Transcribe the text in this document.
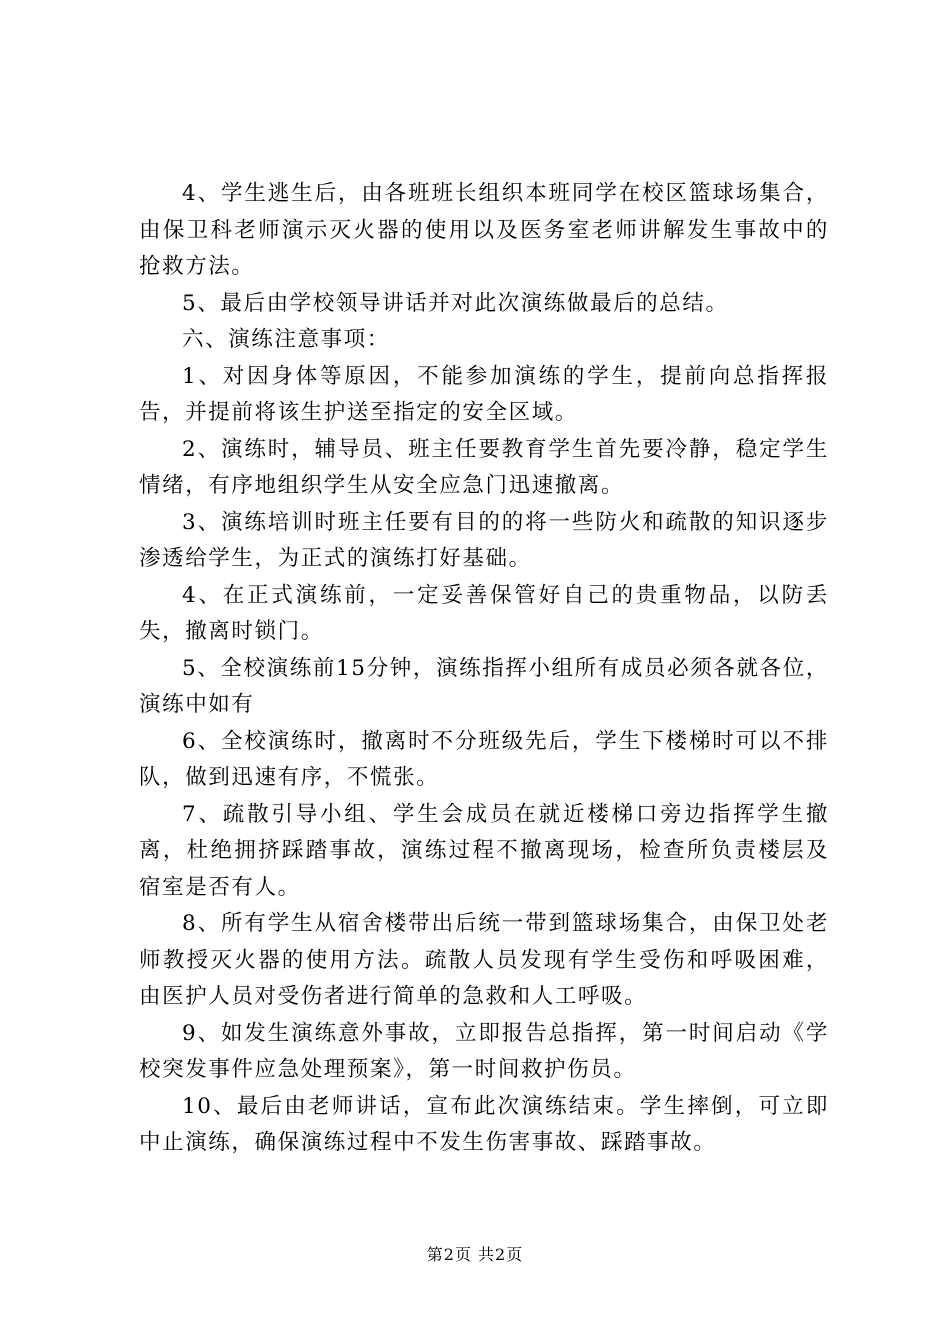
4、学生逃生后，由各班班长组织本班同学在校区篮球场集合，由保卫科老师演示灭火器的使用以及医务室老师讲解发生事故中的抢救方法。

5、最后由学校领导讲话并对此次演练做最后的总结。

六、演练注意事项：

1、对因身体等原因，不能参加演练的学生，提前向总指挥报告，并提前将该生护送至指定的安全区域。

2、演练时，辅导员、班主任要教育学生首先要冷静，稳定学生情绪，有序地组织学生从安全应急门迅速撤离。

3、演练培训时班主任要有目的的将一些防火和疏散的知识逐步渗透给学生，为正式的演练打好基础。

4、在正式演练前，一定妥善保管好自己的贵重物品，以防丢失，撤离时锁门。

5、全校演练前15分钟，演练指挥小组所有成员必须各就各位，演练中如有

6、全校演练时，撤离时不分班级先后，学生下楼梯时可以不排队，做到迅速有序，不慌张。

7、疏散引导小组、学生会成员在就近楼梯口旁边指挥学生撤离，杜绝拥挤踩踏事故，演练过程不撤离现场，检查所负责楼层及宿室是否有人。

8、所有学生从宿舍楼带出后统一带到篮球场集合，由保卫处老师教授灭火器的使用方法。疏散人员发现有学生受伤和呼吸困难，由医护人员对受伤者进行简单的急救和人工呼吸。

9、如发生演练意外事故，立即报告总指挥，第一时间启动《学校突发事件应急处理预案》，第一时间救护伤员。

10、最后由老师讲话，宣布此次演练结束。学生摔倒，可立即中止演练，确保演练过程中不发生伤害事故、踩踏事故。

第2页 共2页
